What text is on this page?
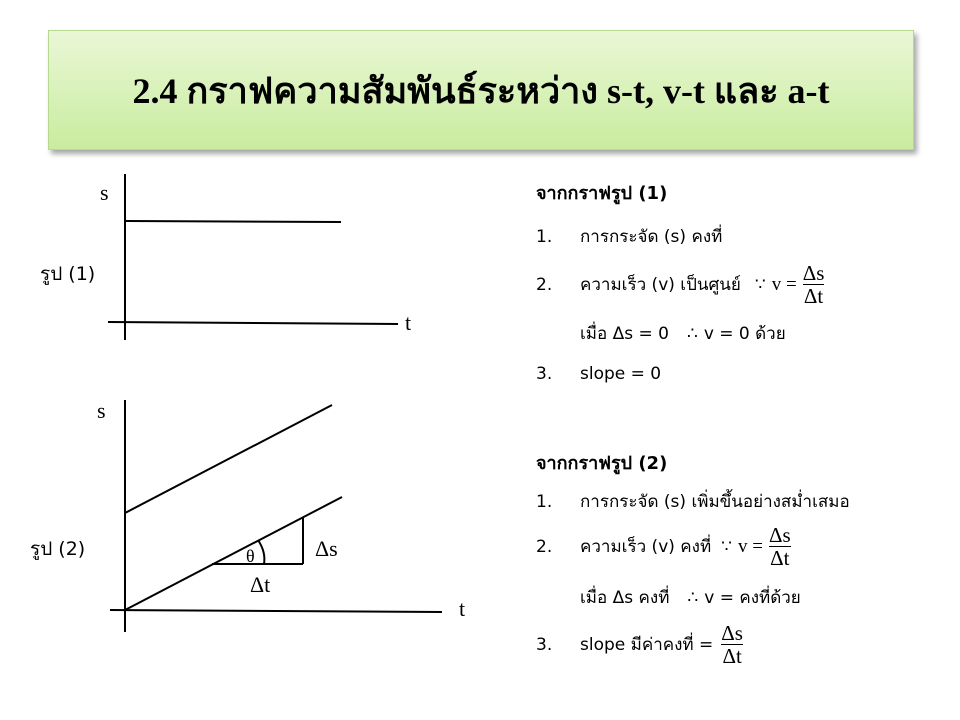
2.4 กราฟความสัมพันธ์ระหว่าง s-t, v-t และ a-t
s
t
รูป (1)
s
t
รูป (2)	θ	Δs
Δt
จากกราฟรูป (1)
1.	การกระจัด (s) คงที่
2.	ความเร็ว (v) เป็นศูนย์ ∵ $v = \frac{\Delta s}{\Delta t}$
เมื่อ Δs = 0 ∴ v = 0 ด้วย
3.	slope = 0
จากกราฟรูป (2)
1.	การกระจัด (s) เพิ่มขึ้นอย่างสม่ำเสมอ
2.	ความเร็ว (v) คงที่ ∵ $v = \frac{\Delta s}{\Delta t}$
เมื่อ Δs คงที่ ∴ v = คงที่ด้วย
3.	slope มีค่าคงที่ = $\frac{\Delta s}{\Delta t}$
